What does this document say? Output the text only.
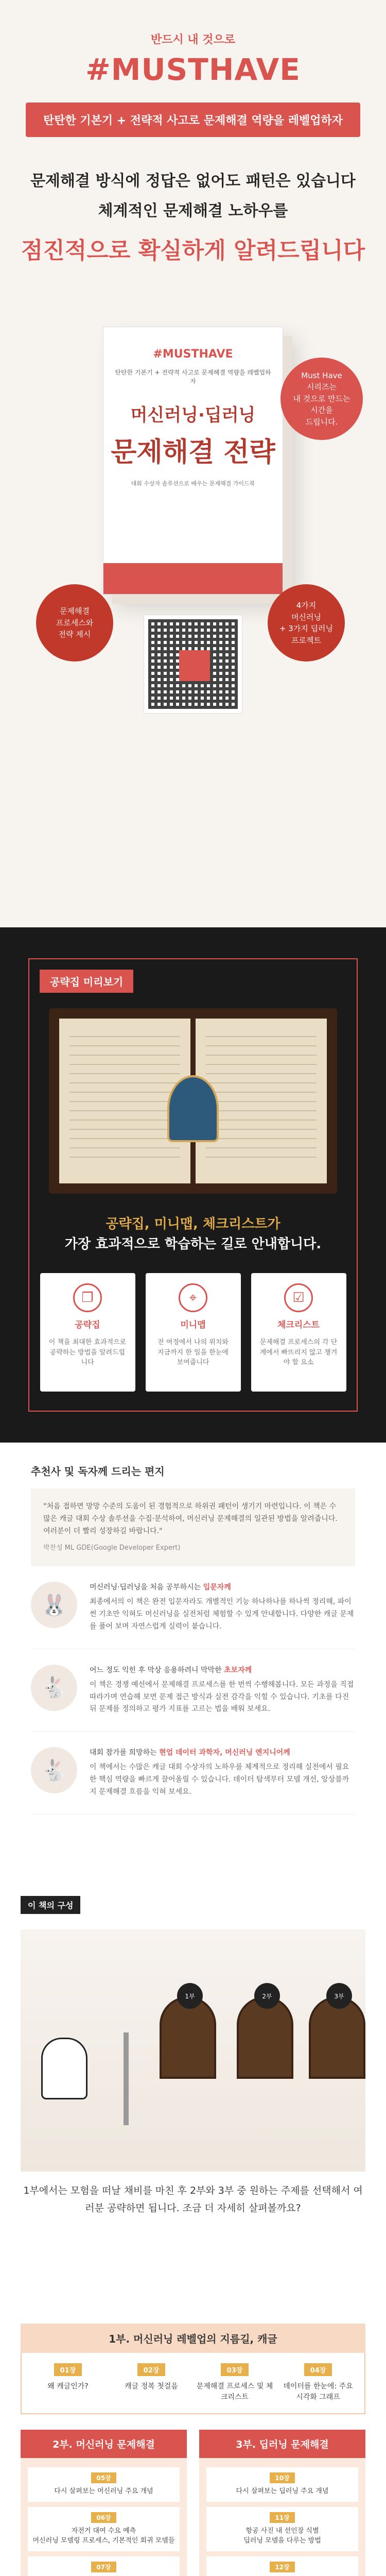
반드시 내 것으로
#MUSTHAVE
탄탄한 기본기 + 전략적 사고로 문제해결 역량을 레벨업하자
문제해결 방식에 정답은 없어도 패턴은 있습니다
체계적인 문제해결 노하우를
점진적으로 확실하게 알려드립니다
#MUSTHAVE
탄탄한 기본기 + 전략적 사고로 문제해결 역량을 레벨업하자
머신러닝·딥러닝
문제해결 전략
대회 수상자 솔루션으로 배우는 문제해결 가이드북
Must Have
시리즈는
내 것으로 만드는
시간을
드립니다.
문제해결
프로세스와
전략 제시
4가지
머신러닝
+ 3가지 딥러닝
프로젝트
공략집 미리보기
공략집, 미니맵, 체크리스트가
가장 효과적으로 학습하는 길로 안내합니다.
❐
공략집
이 책을 최대한 효과적으로 공략하는 방법을 알려드립니다
⌖
미니맵
전 여정에서 나의 위치와 지금까지 한 일을 한눈에 보여줍니다
☑
체크리스트
문제해결 프로세스의 각 단계에서 빠뜨리지 않고 챙겨야 할 요소
추천사 및 독자께 드리는 편지
"처음 접하면 망망 수준의 도움이 된 경험적으로 하위권 패턴이 생기기 마련입니다. 이 책은 수많은 캐글 대회 수상 솔루션을 수집·분석하여, 머신러닝 문제해결의 일관된 방법을 알려줍니다. 여러분이 더 빨리 성장하길 바랍니다."
박찬성 ML GDE(Google Developer Expert)
🐰
머신러닝·딥러닝을 처음 공부하시는 입문자께
최종에서의 이 책은 완전 입문자라도 개별적인 기능 하나하나를 하나씩 정리해, 파이썬 기초만 익혀도 머신러닝을 실전처럼 체험할 수 있게 안내합니다. 다양한 캐글 문제를 풀어 보며 자연스럽게 실력이 붙습니다.
🐇
어느 정도 익힌 후 막상 응용하려니 막막한 초보자께
이 책은 경쟁 예선에서 문제해결 프로세스를 한 번씩 수행해봅니다. 모든 과정을 직접 따라가며 연습해 보면 문제 접근 방식과 실전 감각을 익힐 수 있습니다. 기초를 다진 뒤 문제를 정의하고 평가 지표를 고르는 법을 배워 보세요.
🐇
대회 참가를 희망하는 현업 데이터 과학자, 머신러닝 엔지니어께
이 책에서는 수많은 캐글 대회 수상자의 노하우를 체계적으로 정리해 실전에서 필요한 핵심 역량을 빠르게 끌어올릴 수 있습니다. 데이터 탐색부터 모델 개선, 앙상블까지 문제해결 흐름을 익혀 보세요.
이 책의 구성
1부	2부	3부
1부에서는 모험을 떠날 채비를 마친 후 2부와 3부 중 원하는 주제를 선택해서 여러분 공략하면 됩니다. 조금 더 자세히 살펴볼까요?
1부. 머신러닝 레벨업의 지름길, 캐글
01장
왜 캐글인가?
02장
캐글 정복 첫걸음
03장
문제해결 프로세스 및 체크리스트
04장
데이터를 한눈에: 주요 시각화 그래프
2부. 머신러닝 문제해결
05장
다시 살펴보는 머신러닝 주요 개념
06장
자전거 대여 수요 예측
머신러닝 모델링 프로세스, 기본적인 회귀 모델들
07장
3부. 딥러닝 문제해결
10장
다시 살펴보는 딥러닝 주요 개념
11장
항공 사진 내 선인장 식별
딥러닝 모델을 다루는 방법
12장
